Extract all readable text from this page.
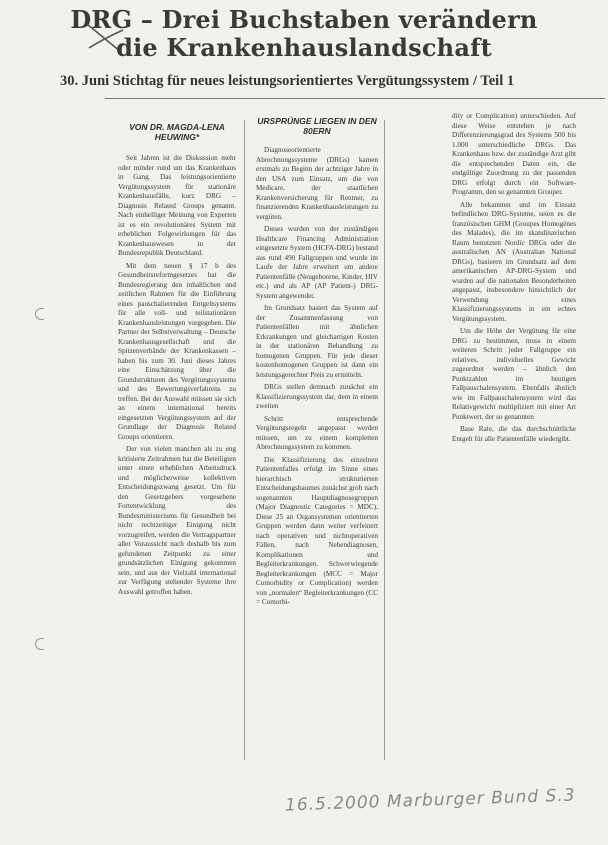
DRG – Drei Buchstaben verändern
die Krankenhauslandschaft
30. Juni Stichtag für neues leistungsorientiertes Vergütungssystem / Teil 1
VON DR. MAGDA-LENA HEUWING*

Seit Jahren ist die Diskussion mehr oder minder rund um das Krankenhaus in Gang. Das leistungsorientierte Vergütungssystem für stationäre Krankenhausfälle, kurz DRG – Diagnosis Related Groups genannt. Nach einhelliger Meinung von Experten ist es ein revolutionäres System mit erheblichen Folgewirkungen für das Krankenhauswesen in der Bundesrepublik Deutschland.

Mit dem neuen § 17 b des Gesundheitsreformgesetzes hat die Bundesregierung den inhaltlichen und zeitlichen Rahmen für die Einführung eines pauschalierenden Entgeltsystems für alle voll- und teilstationären Krankenhausleistungen vorgegeben. Die Partner der Selbstverwaltung – Deutsche Krankenhausgesellschaft und die Spitzenverbände der Krankenkassen – haben bis zum 30. Juni dieses Jahres eine Einschätzung über die Grundstrukturen des Vergütungssystems und des Bewertungsverfahrens zu treffen. Bei der Auswahl müssen sie sich an einem international bereits eingesetzten Vergütungssystem auf der Grundlage der Diagnosis Related Groups orientieren.

Der von vielen manchen als zu eng kritisierte Zeitrahmen hat die Beteiligten unter einen erheblichen Arbeitsdruck und möglicherweise kollektiven Entscheidungszwang gesetzt. Um für den Gesetzgebers vorgesehene Fortentwicklung des Bundesministeriums für Gesundheit bei nicht rechtzeitiger Einigung nicht vorzugreifen, werden die Vertragspartner aller Voraussicht nach deshalb bis zum gefundenen Zeitpunkt zu einer grundsätzlichen Einigung gekommen sein, und aus der Vielzahl international zur Verfügung stehender Systeme ihre Auswahl getroffen haben.

URSPRÜNGE LIEGEN IN DEN 80ERN

Diagnoseorientierte Abrechnungssysteme (DRGs) kamen erstmals zu Beginn der achtziger Jahre in den USA zum Einsatz, um die von Medicare, der staatlichen Krankenversicherung für Rentner, zu finanzierenden Krankenhausleistungen zu vergüten.

Dieses wurden von der zuständigen Healthcare Financing Administration eingesetzte System (HCFA-DRG) bestand aus rund 490 Fallgruppen und wurde im Laufe der Jahre erweitert um andere Patientenfälle (Neugeborene, Kinder, HIV etc.) und als AP (AP Patient-) DRG-System angewendet.

Im Grundsatz basiert das System auf der Zusammenfassung von Patientenfällen mit ähnlichen Erkrankungen und gleichartigen Kosten in der stationären Behandlung zu homogenen Gruppen. Für jede dieser kostenhomogenen Gruppen ist dann ein leistungsgerechter Preis zu ermitteln.

DRGs stellen demnach zunächst ein Klassifizierungssystem dar, dem in einem zweiten

Schritt entsprechende Vergütungsregeln angepasst werden müssen, um zu einem kompletten Abrechnungssystem zu kommen.

Die Klassifizierung des einzelnen Patientenfalles erfolgt im Sinne eines hierarchisch strukturierten Entscheidungsbaumes zunächst grob nach sogenannten Hauptdiagnosegruppen (Major Diagnostic Categories = MDC). Diese 25 an Organsystemen orientierten Gruppen werden dann weiter verfeinert nach operativen und nichtoperativen Fällen, nach Nebendiagnosen, Komplikationen und Begleiterkrankungen. Schwerwiegende Begleiterkrankungen (MCC = Major Comorbidity or Complication) werden von „normalen“ Begleiterkrankungen (CC = Comorbi-

dity or Complication) unterschieden. Auf diese Weise entstehen je nach Differenzierungsgrad des Systems 500 bis 1.000 unterschiedliche DRGs. Das Krankenhaus bzw. der zuständige Arzt gibt die entsprechenden Daten ein, die endgültige Zuordnung zu der passenden DRG erfolgt durch ein Software-Programm, den so genannten Grouper.

Alle bekannten und im Einsatz befindlichen DRG-Systeme, seien es die französischen GHM (Groupes Homogènes des Malades), die im skandinavischen Raum benutzten Nordic DRGs oder die australischen AN (Australian National DRGs), basieren im Grundsatz auf dem amerikanischen AP-DRG-System und wurden auf die nationalen Besonderheiten angepasst, insbesondere hinsichtlich der Verwendung eines Klassifizierungssystems in ein echtes Vergütungssystem.

Um die Höhe der Vergütung für eine DRG zu bestimmen, muss in einem weiteren Schritt jeder Fallgruppe ein relatives, individuelles Gewicht zugeordnet werden – ähnlich den Punktzahlen im heutigen Fallpauschalensystem. Ebenfalls ähnlich wie im Fallpauschalensystem wird das Relativgewicht multipliziert mit einer Art Punktwert, der so genannten

Base Rate, die das durchschnittliche Entgelt für alle Patientenfälle wiedergibt.

16.5.2000 Marburger Bund S.3
